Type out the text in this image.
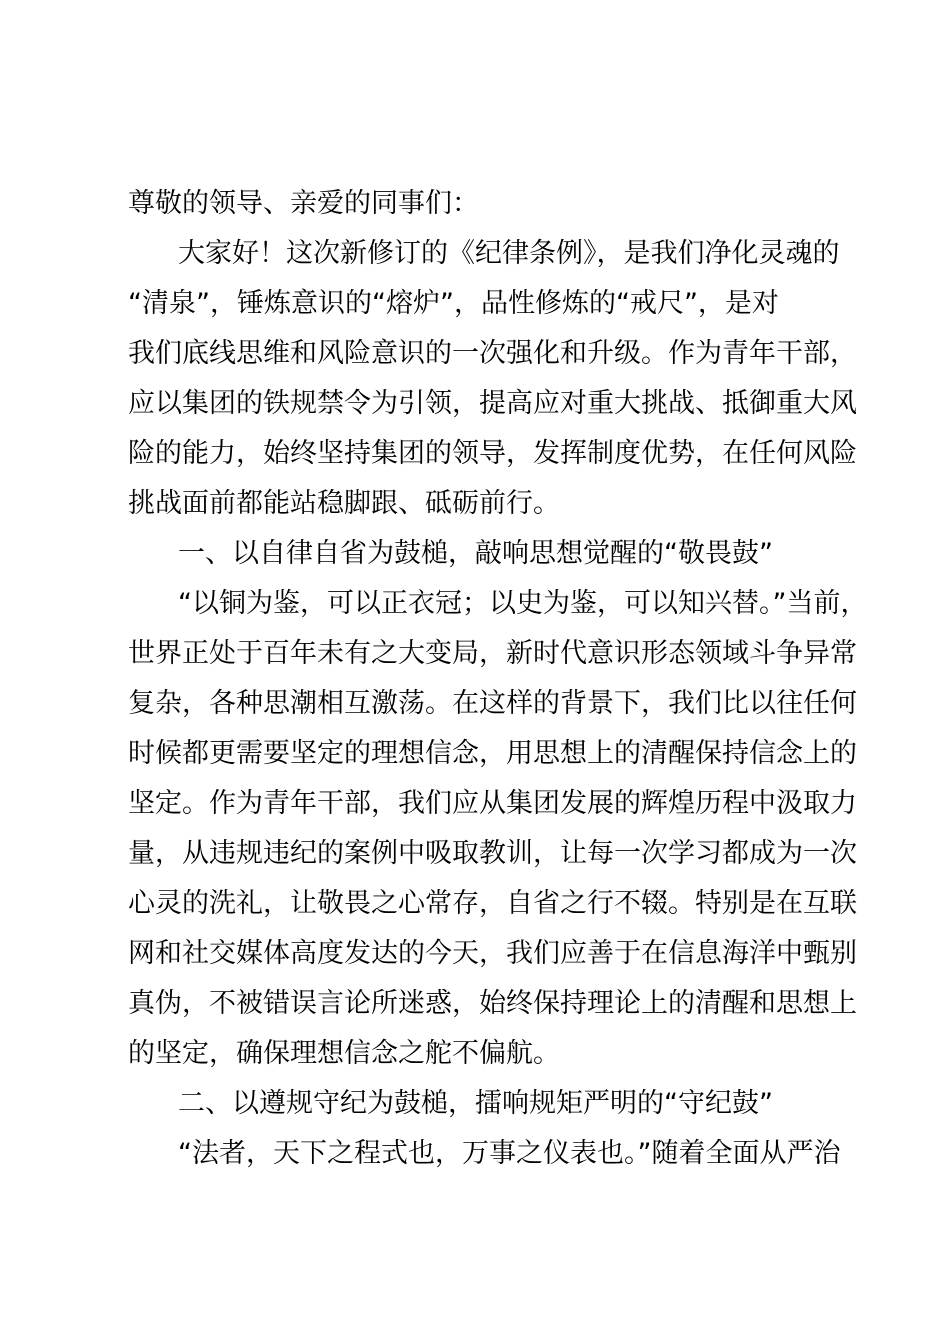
尊敬的领导、亲爱的同事们：
大家好！这次新修订的《纪律条例》，是我们净化灵魂的
“清泉”，锤炼意识的“熔炉”，品性修炼的“戒尺”，是对
我们底线思维和风险意识的一次强化和升级。作为青年干部，
应以集团的铁规禁令为引领，提高应对重大挑战、抵御重大风
险的能力，始终坚持集团的领导，发挥制度优势，在任何风险
挑战面前都能站稳脚跟、砥砺前行。
一、以自律自省为鼓槌，敲响思想觉醒的“敬畏鼓”
“以铜为鉴，可以正衣冠；以史为鉴，可以知兴替。”当前，
世界正处于百年未有之大变局，新时代意识形态领域斗争异常
复杂，各种思潮相互激荡。在这样的背景下，我们比以往任何
时候都更需要坚定的理想信念，用思想上的清醒保持信念上的
坚定。作为青年干部，我们应从集团发展的辉煌历程中汲取力
量，从违规违纪的案例中吸取教训，让每一次学习都成为一次
心灵的洗礼，让敬畏之心常存，自省之行不辍。特别是在互联
网和社交媒体高度发达的今天，我们应善于在信息海洋中甄别
真伪，不被错误言论所迷惑，始终保持理论上的清醒和思想上
的坚定，确保理想信念之舵不偏航。
二、以遵规守纪为鼓槌，擂响规矩严明的“守纪鼓”
“法者，天下之程式也，万事之仪表也。”随着全面从严治
